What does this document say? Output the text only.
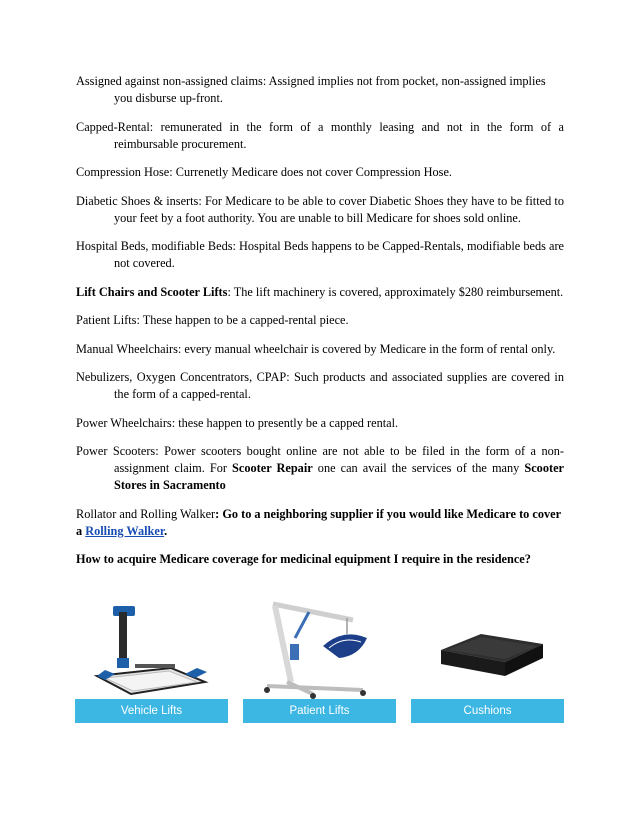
Assigned against non-assigned claims: Assigned implies not from pocket, non-assigned implies you disburse up-front.

Capped-Rental: remunerated in the form of a monthly leasing and not in the form of a reimbursable procurement.

Compression Hose: Currenetly Medicare does not cover Compression Hose.

Diabetic Shoes & inserts: For Medicare to be able to cover Diabetic Shoes they have to be fitted to your feet by a foot authority. You are unable to bill Medicare for shoes sold online.

Hospital Beds, modifiable Beds: Hospital Beds happens to be Capped-Rentals, modifiable beds are not covered.

Lift Chairs and Scooter Lifts: The lift machinery is covered, approximately $280 reimbursement.

Patient Lifts: These happen to be a capped-rental piece.

Manual Wheelchairs: every manual wheelchair is covered by Medicare in the form of rental only.

Nebulizers, Oxygen Concentrators, CPAP: Such products and associated supplies are covered in the form of a capped-rental.

Power Wheelchairs: these happen to presently be a capped rental.

Power Scooters: Power scooters bought online are not able to be filed in the form of a non-assignment claim. For Scooter Repair one can avail the services of the many Scooter Stores in Sacramento

Rollator and Rolling Walker: Go to a neighboring supplier if you would like Medicare to cover a Rolling Walker.

How to acquire Medicare coverage for medicinal equipment I require in the residence?

Vehicle Lifts	Patient Lifts	Cushions
